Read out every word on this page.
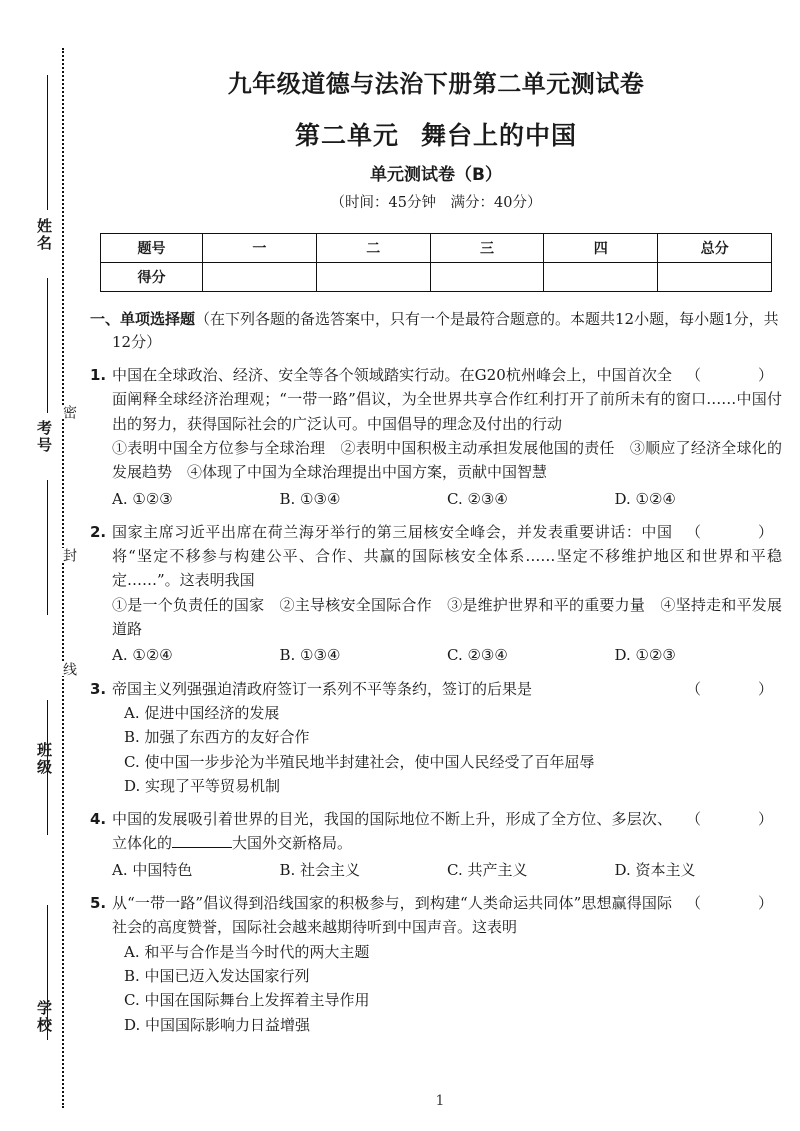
姓名
考号
班级
学校
密
封
线
九年级道德与法治下册第二单元测试卷
第二单元 舞台上的中国
单元测试卷（B）
（时间：45分钟　满分：40分）
题号	一	二	三	四	总分
得分					
一、单项选择题（在下列各题的备选答案中，只有一个是最符合题意的。本题共12小题，每小题1分，共12分）
1.	（　　）
中国在全球政治、经济、安全等各个领域踏实行动。在G20杭州峰会上，中国首次全面阐释全球经济治理观；“一带一路”倡议，为全世界共享合作红利打开了前所未有的窗口……中国付出的努力，获得国际社会的广泛认可。中国倡导的理念及付出的行动
①表明中国全方位参与全球治理　②表明中国积极主动承担发展他国的责任　③顺应了经济全球化的发展趋势　④体现了中国为全球治理提出中国方案，贡献中国智慧
A. ①②③	B. ①③④	C. ②③④	D. ①②④
2.	（　　）
国家主席习近平出席在荷兰海牙举行的第三届核安全峰会，并发表重要讲话：中国将“坚定不移参与构建公平、合作、共赢的国际核安全体系……坚定不移维护地区和世界和平稳定……”。这表明我国
①是一个负责任的国家　②主导核安全国际合作　③是维护世界和平的重要力量　④坚持走和平发展道路
A. ①②④	B. ①③④	C. ②③④	D. ①②③
3.	（　　）
帝国主义列强强迫清政府签订一系列不平等条约，签订的后果是
A. 促进中国经济的发展
B. 加强了东西方的友好合作
C. 使中国一步步沦为半殖民地半封建社会，使中国人民经受了百年屈辱
D. 实现了平等贸易机制
4.	（　　）
中国的发展吸引着世界的目光，我国的国际地位不断上升，形成了全方位、多层次、立体化的	大国外交新格局。
A. 中国特色	B. 社会主义	C. 共产主义	D. 资本主义
5.	（　　）
从“一带一路”倡议得到沿线国家的积极参与，到构建“人类命运共同体”思想赢得国际社会的高度赞誉，国际社会越来越期待听到中国声音。这表明
A. 和平与合作是当今时代的两大主题
B. 中国已迈入发达国家行列
C. 中国在国际舞台上发挥着主导作用
D. 中国国际影响力日益增强
1
